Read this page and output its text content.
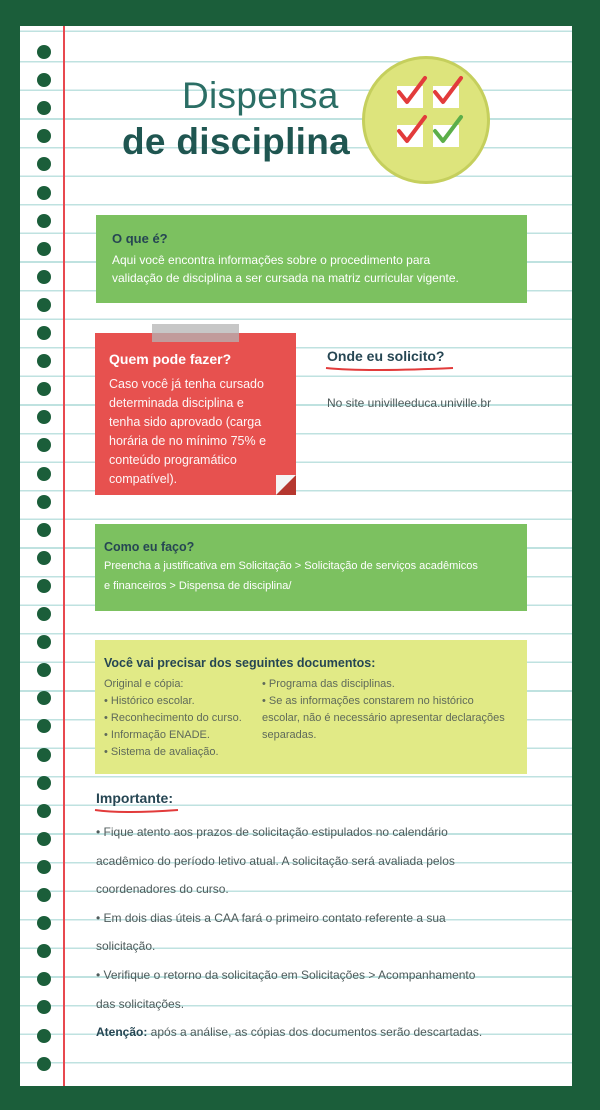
Dispensa
de disciplina
O que é?
Aqui você encontra informações sobre o procedimento para
validação de disciplina a ser cursada na matriz curricular vigente.
Quem pode fazer?
Caso você já tenha cursado
determinada disciplina e
tenha sido aprovado (carga
horária de no mínimo 75% e
conteúdo programático
compatível).
Onde eu solicito?
No site univilleeduca.univille.br
Como eu faço?
Preencha a justificativa em Solicitação > Solicitação de serviços acadêmicos
e financeiros > Dispensa de disciplina/
Você vai precisar dos seguintes documentos:
Original e cópia:
• Histórico escolar.
• Reconhecimento do curso.
• Informação ENADE.
• Sistema de avaliação.
• Programa das disciplinas.
• Se as informações constarem no histórico
escolar, não é necessário apresentar declarações
separadas.
Importante:
• Fique atento aos prazos de solicitação estipulados no calendário
acadêmico do período letivo atual. A solicitação será avaliada pelos
coordenadores do curso.
• Em dois dias úteis a CAA fará o primeiro contato referente a sua
solicitação.
• Verifique o retorno da solicitação em Solicitações > Acompanhamento
das solicitações.
Atenção: após a análise, as cópias dos documentos serão descartadas.
